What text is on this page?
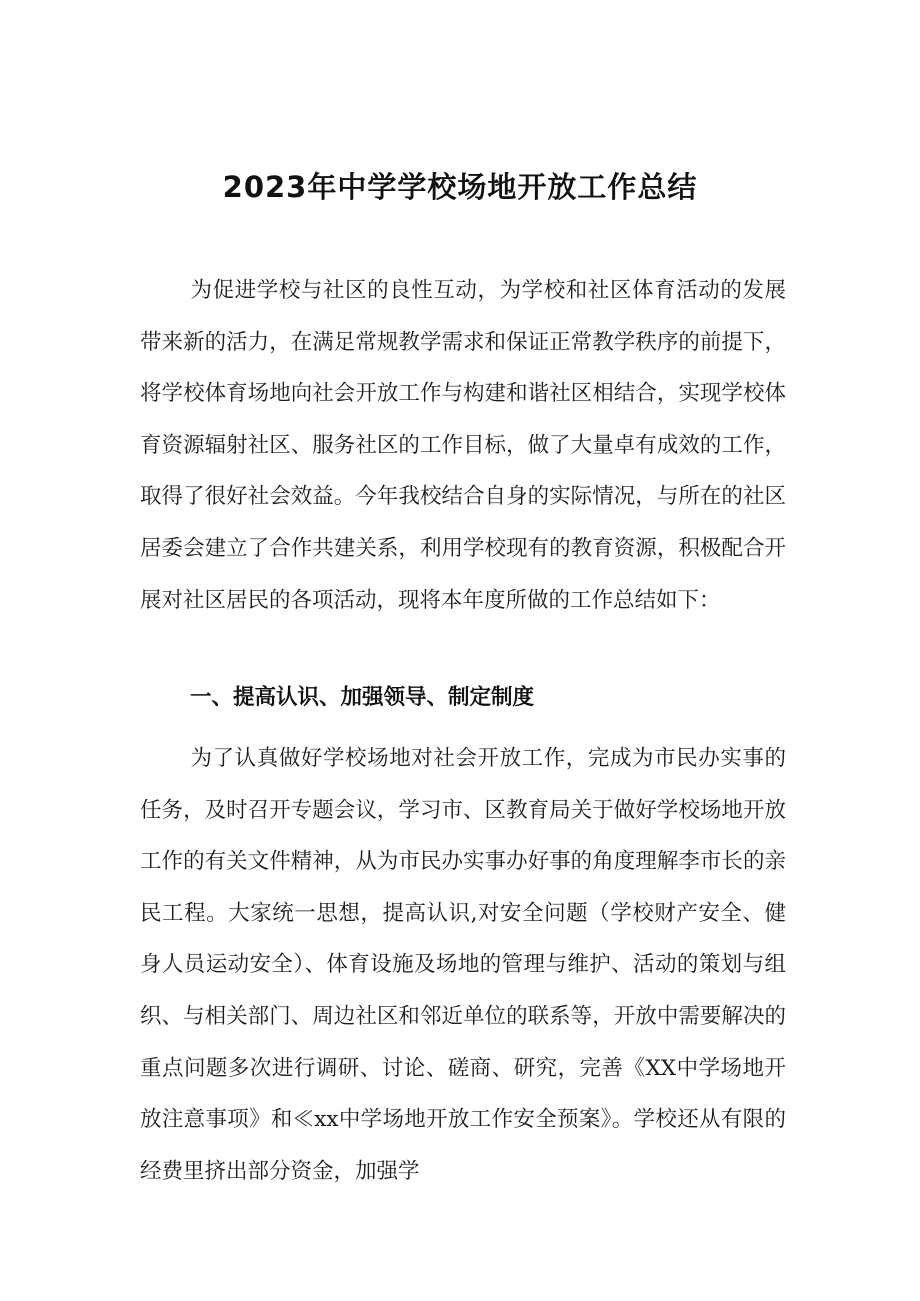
2023年中学学校场地开放工作总结

为促进学校与社区的良性互动，为学校和社区体育活动的发展带来新的活力，在满足常规教学需求和保证正常教学秩序的前提下，将学校体育场地向社会开放工作与构建和谐社区相结合，实现学校体育资源辐射社区、服务社区的工作目标，做了大量卓有成效的工作，取得了很好社会效益。今年我校结合自身的实际情况，与所在的社区居委会建立了合作共建关系，利用学校现有的教育资源，积极配合开展对社区居民的各项活动，现将本年度所做的工作总结如下：

一、提高认识、加强领导、制定制度

为了认真做好学校场地对社会开放工作，完成为市民办实事的任务，及时召开专题会议，学习市、区教育局关于做好学校场地开放工作的有关文件精神，从为市民办实事办好事的角度理解李市长的亲民工程。大家统一思想，提高认识,对安全问题（学校财产安全、健身人员运动安全）、体育设施及场地的管理与维护、活动的策划与组织、与相关部门、周边社区和邻近单位的联系等，开放中需要解决的重点问题多次进行调研、讨论、磋商、研究，完善《XX中学场地开放注意事项》和≪xx中学场地开放工作安全预案》。学校还从有限的经费里挤出部分资金，加强学
